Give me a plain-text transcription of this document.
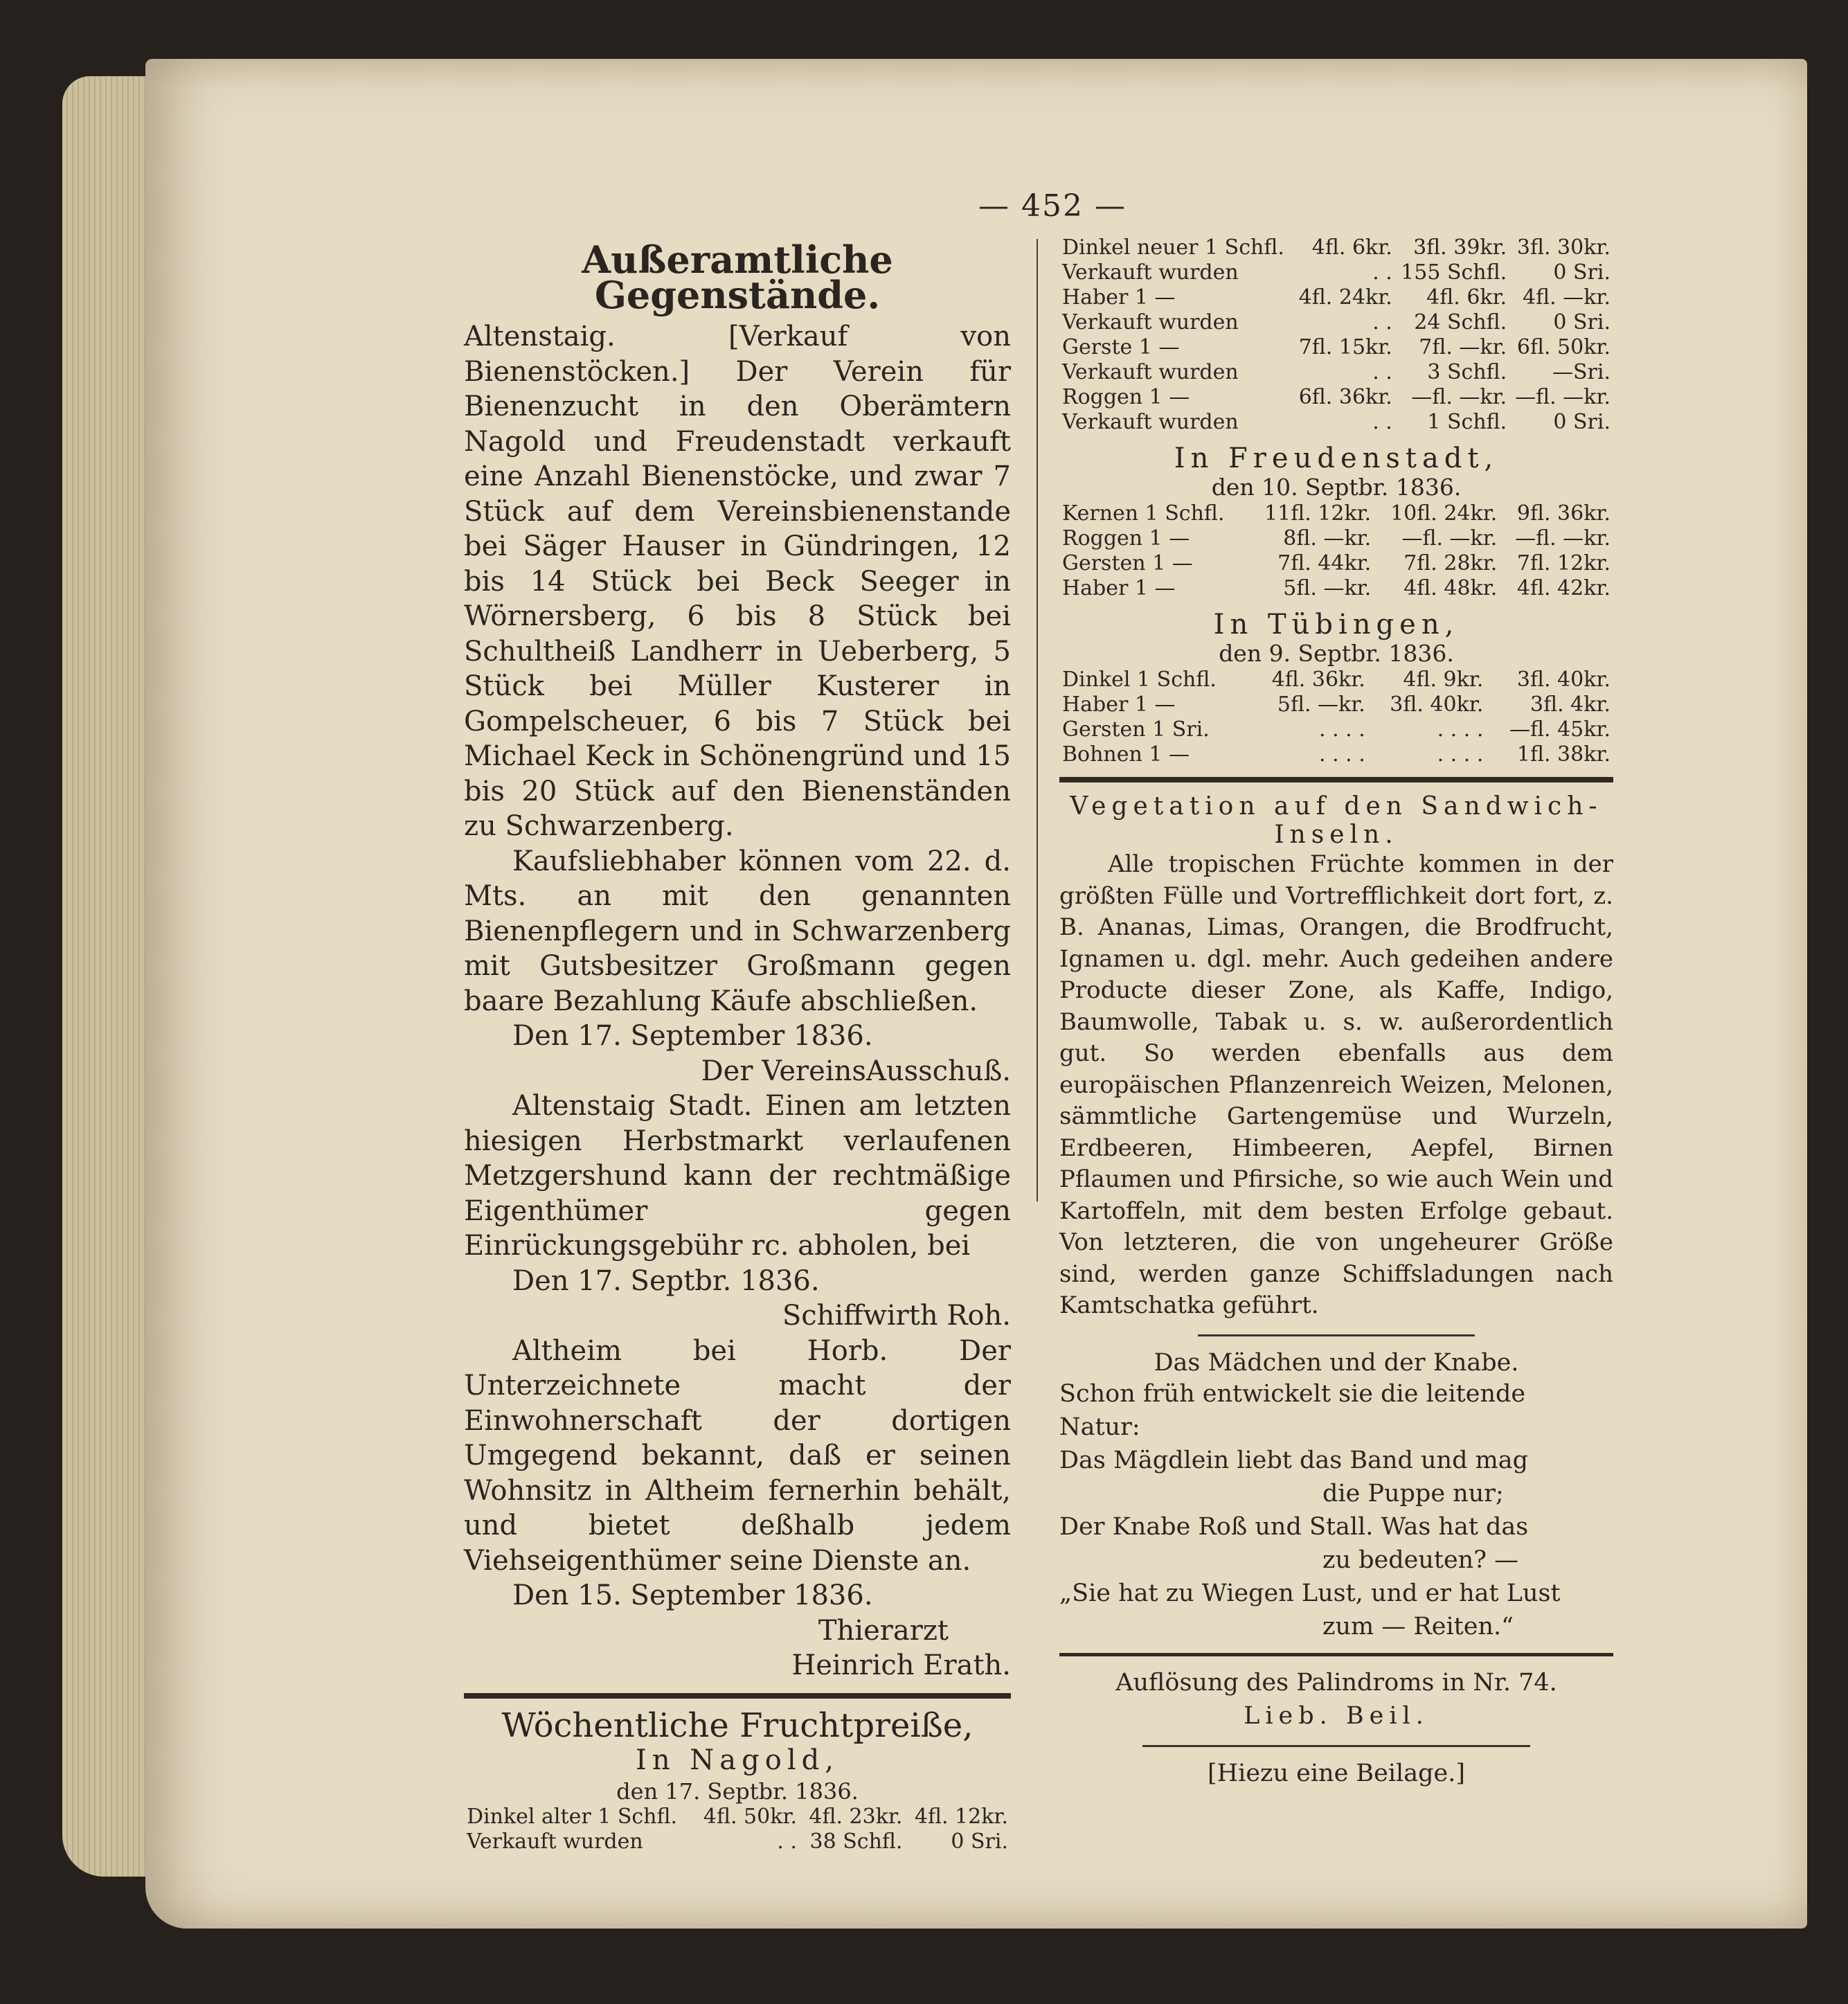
— 452 —
Außeramtliche Gegenstände.
Altenstaig. [Verkauf von Bienenstöcken.] Der Verein für Bienenzucht in den Oberämtern Nagold und Freudenstadt verkauft eine Anzahl Bienenstöcke, und zwar 7 Stück auf dem Vereinsbienenstande bei Säger Hauser in Gündringen, 12 bis 14 Stück bei Beck Seeger in Wörnersberg, 6 bis 8 Stück bei Schultheiß Landherr in Ueberberg, 5 Stück bei Müller Kusterer in Gompelscheuer, 6 bis 7 Stück bei Michael Keck in Schönengründ und 15 bis 20 Stück auf den Bienenständen zu Schwarzenberg.
Kaufsliebhaber können vom 22. d. Mts. an mit den genannten Bienenpflegern und in Schwarzenberg mit Gutsbesitzer Großmann gegen baare Bezahlung Käufe abschließen.
Den 17. September 1836.
Der VereinsAusschuß.
Altenstaig Stadt. Einen am letzten hiesigen Herbstmarkt verlaufenen Metzgershund kann der rechtmäßige Eigenthümer gegen Einrückungsgebühr rc. abholen, bei
Den 17. Septbr. 1836.
Schiffwirth Roh.
Altheim bei Horb. Der Unterzeichnete macht der Einwohnerschaft der dortigen Umgegend bekannt, daß er seinen Wohnsitz in Altheim fernerhin behält, und bietet deßhalb jedem Viehseigenthümer seine Dienste an.
Den 15. September 1836.
Thierarzt
Heinrich Erath.
Wöchentliche Fruchtpreiße,
In Nagold,
den 17. Septbr. 1836.
Dinkel alter 1 Schfl.	4fl. 50kr.	4fl. 23kr.	4fl. 12kr.
Verkauft wurden	. .	38 Schfl.	0 Sri.
Dinkel neuer 1 Schfl.	4fl. 6kr.	3fl. 39kr.	3fl. 30kr.
Verkauft wurden	. .	155 Schfl.	0 Sri.
Haber 1 —	4fl. 24kr.	4fl. 6kr.	4fl. —kr.
Verkauft wurden	. .	24 Schfl.	0 Sri.
Gerste 1 —	7fl. 15kr.	7fl. —kr.	6fl. 50kr.
Verkauft wurden	. .	3 Schfl.	—Sri.
Roggen 1 —	6fl. 36kr.	—fl. —kr.	—fl. —kr.
Verkauft wurden	. .	1 Schfl.	0 Sri.
In Freudenstadt,
den 10. Septbr. 1836.
Kernen 1 Schfl.	11fl. 12kr.	10fl. 24kr.	9fl. 36kr.
Roggen 1 —	8fl. —kr.	—fl. —kr.	—fl. —kr.
Gersten 1 —	7fl. 44kr.	7fl. 28kr.	7fl. 12kr.
Haber 1 —	5fl. —kr.	4fl. 48kr.	4fl. 42kr.
In Tübingen,
den 9. Septbr. 1836.
Dinkel 1 Schfl.	4fl. 36kr.	4fl. 9kr.	3fl. 40kr.
Haber 1 —	5fl. —kr.	3fl. 40kr.	3fl. 4kr.
Gersten 1 Sri.	. . . .	. . . .	—fl. 45kr.
Bohnen 1 —	. . . .	. . . .	1fl. 38kr.
Vegetation auf den Sandwich-Inseln.
Alle tropischen Früchte kommen in der größten Fülle und Vortrefflichkeit dort fort, z. B. Ananas, Limas, Orangen, die Brodfrucht, Ignamen u. dgl. mehr. Auch gedeihen andere Producte dieser Zone, als Kaffe, Indigo, Baumwolle, Tabak u. s. w. außerordentlich gut. So werden ebenfalls aus dem europäischen Pflanzenreich Weizen, Melonen, sämmtliche Gartengemüse und Wurzeln, Erdbeeren, Himbeeren, Aepfel, Birnen Pflaumen und Pfirsiche, so wie auch Wein und Kartoffeln, mit dem besten Erfolge gebaut. Von letzteren, die von ungeheurer Größe sind, werden ganze Schiffsladungen nach Kamtschatka geführt.
Das Mädchen und der Knabe.
Schon früh entwickelt sie die leitende Natur:
Das Mägdlein liebt das Band und mag
die Puppe nur;
Der Knabe Roß und Stall. Was hat das
zu bedeuten? —
„Sie hat zu Wiegen Lust, und er hat Lust
zum — Reiten.“
Auflösung des Palindroms in Nr. 74.
Lieb. Beil.
[Hiezu eine Beilage.]
